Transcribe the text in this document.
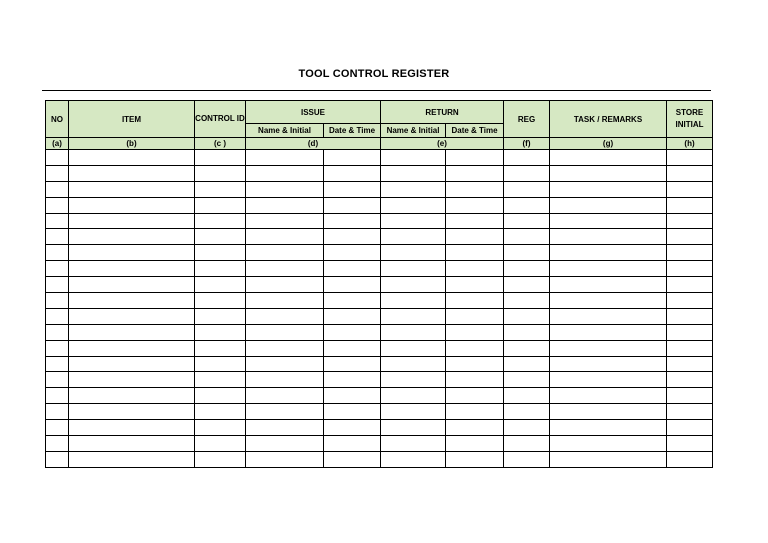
TOOL CONTROL REGISTER
NO	ITEM	CONTROL ID	ISSUE		RETURN		REG	TASK / REMARKS	STORE INITIAL
			Name & Initial	Date & Time	Name & Initial	Date & Time			
(a)	(b)	(c )	(d)		(e)		(f)	(g)	(h)
